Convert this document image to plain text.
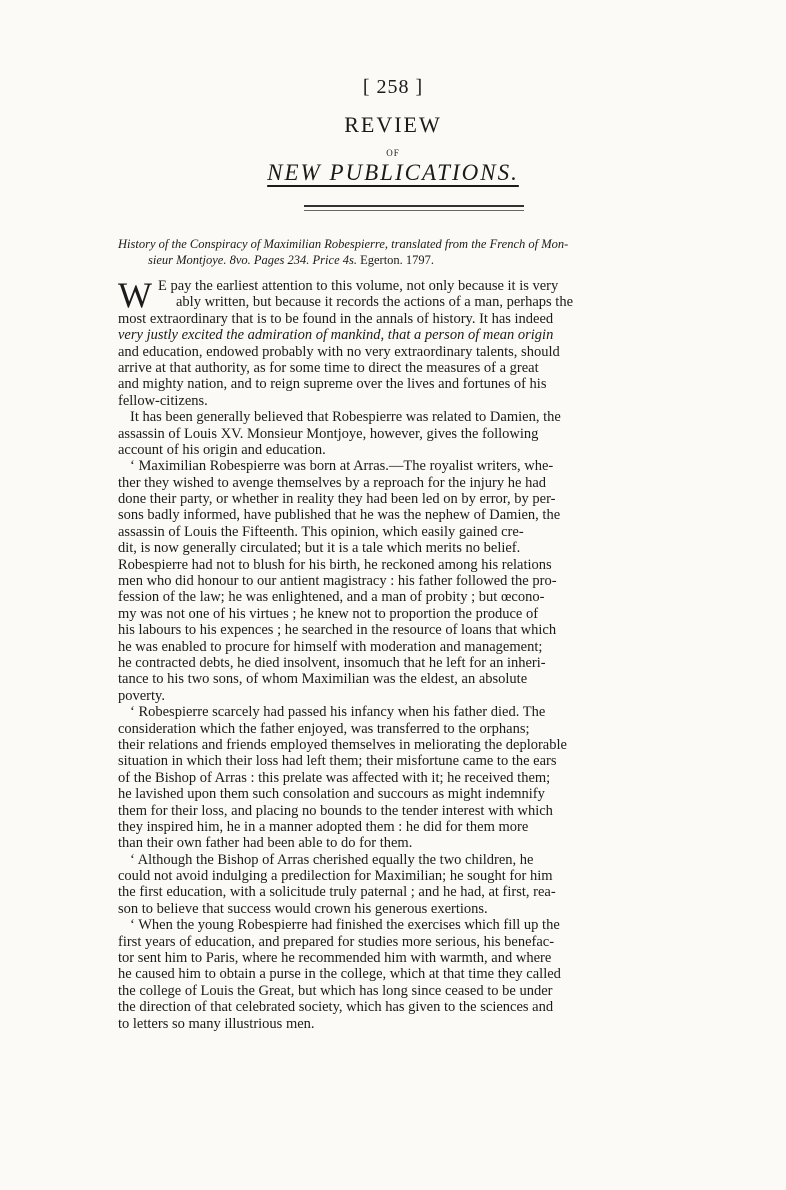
[ 258 ]
REVIEW
OF
NEW PUBLICATIONS.
History of the Conspiracy of Maximilian Robespierre, translated from the French of Mon-
sieur Montjoye. 8vo. Pages 234. Price 4s. Egerton. 1797.
W E pay the earliest attention to this volume, not only because it is very
ably written, but because it records the actions of a man, perhaps the
most extraordinary that is to be found in the annals of history. It has indeed
very justly excited the admiration of mankind, that a person of mean origin
and education, endowed probably with no very extraordinary talents, should
arrive at that authority, as for some time to direct the measures of a great
and mighty nation, and to reign supreme over the lives and fortunes of his
fellow-citizens.
It has been generally believed that Robespierre was related to Damien, the
assassin of Louis XV. Monsieur Montjoye, however, gives the following
account of his origin and education.
‘ Maximilian Robespierre was born at Arras.—The royalist writers, whe-
ther they wished to avenge themselves by a reproach for the injury he had
done their party, or whether in reality they had been led on by error, by per-
sons badly informed, have published that he was the nephew of Damien, the
assassin of Louis the Fifteenth. This opinion, which easily gained cre-
dit, is now generally circulated; but it is a tale which merits no belief.
Robespierre had not to blush for his birth, he reckoned among his relations
men who did honour to our antient magistracy : his father followed the pro-
fession of the law; he was enlightened, and a man of probity ; but œcono-
my was not one of his virtues ; he knew not to proportion the produce of
his labours to his expences ; he searched in the resource of loans that which
he was enabled to procure for himself with moderation and management;
he contracted debts, he died insolvent, insomuch that he left for an inheri-
tance to his two sons, of whom Maximilian was the eldest, an absolute
poverty.
‘ Robespierre scarcely had passed his infancy when his father died. The
consideration which the father enjoyed, was transferred to the orphans;
their relations and friends employed themselves in meliorating the deplorable
situation in which their loss had left them; their misfortune came to the ears
of the Bishop of Arras : this prelate was affected with it; he received them;
he lavished upon them such consolation and succours as might indemnify
them for their loss, and placing no bounds to the tender interest with which
they inspired him, he in a manner adopted them : he did for them more
than their own father had been able to do for them.
‘ Although the Bishop of Arras cherished equally the two children, he
could not avoid indulging a predilection for Maximilian; he sought for him
the first education, with a solicitude truly paternal ; and he had, at first, rea-
son to believe that success would crown his generous exertions.
‘ When the young Robespierre had finished the exercises which fill up the
first years of education, and prepared for studies more serious, his benefac-
tor sent him to Paris, where he recommended him with warmth, and where
he caused him to obtain a purse in the college, which at that time they called
the college of Louis the Great, but which has long since ceased to be under
the direction of that celebrated society, which has given to the sciences and
to letters so many illustrious men.
